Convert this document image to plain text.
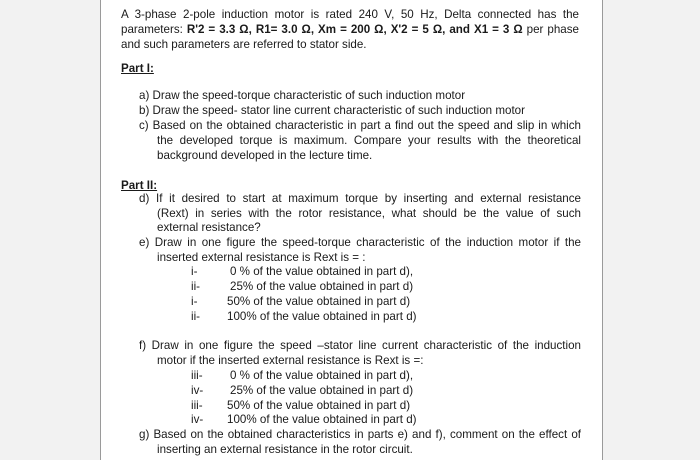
A 3-phase 2-pole induction motor is rated 240 V, 50 Hz, Delta connected has the
parameters: R'2 = 3.3 Ω, R1= 3.0 Ω, Xm = 200 Ω, X'2 = 5 Ω, and X1 = 3 Ω per phase
and such parameters are referred to stator side.
Part I:
a) Draw the speed-torque characteristic of such induction motor
b) Draw the speed- stator line current characteristic of such induction motor
c) Based on the obtained characteristic in part a find out the speed and slip in which
the developed torque is maximum. Compare your results with the theoretical
background developed in the lecture time.
Part II:
d) If it desired to start at maximum torque by inserting and external resistance
(Rext) in series with the rotor resistance, what should be the value of such
external resistance?
e) Draw in one figure the speed-torque characteristic of the induction motor if the
inserted external resistance is Rext is = :
i-	0 % of the value obtained in part d),
ii-	25% of the value obtained in part d)
i-	50% of the value obtained in part d)
ii- 100% of the value obtained in part d)
f) Draw in one figure the speed –stator line current characteristic of the induction
motor if the inserted external resistance is Rext is =:
iii- 0 % of the value obtained in part d),
iv- 25% of the value obtained in part d)
iii- 50% of the value obtained in part d)
iv- 100% of the value obtained in part d)
g) Based on the obtained characteristics in parts e) and f), comment on the effect of
inserting an external resistance in the rotor circuit.
